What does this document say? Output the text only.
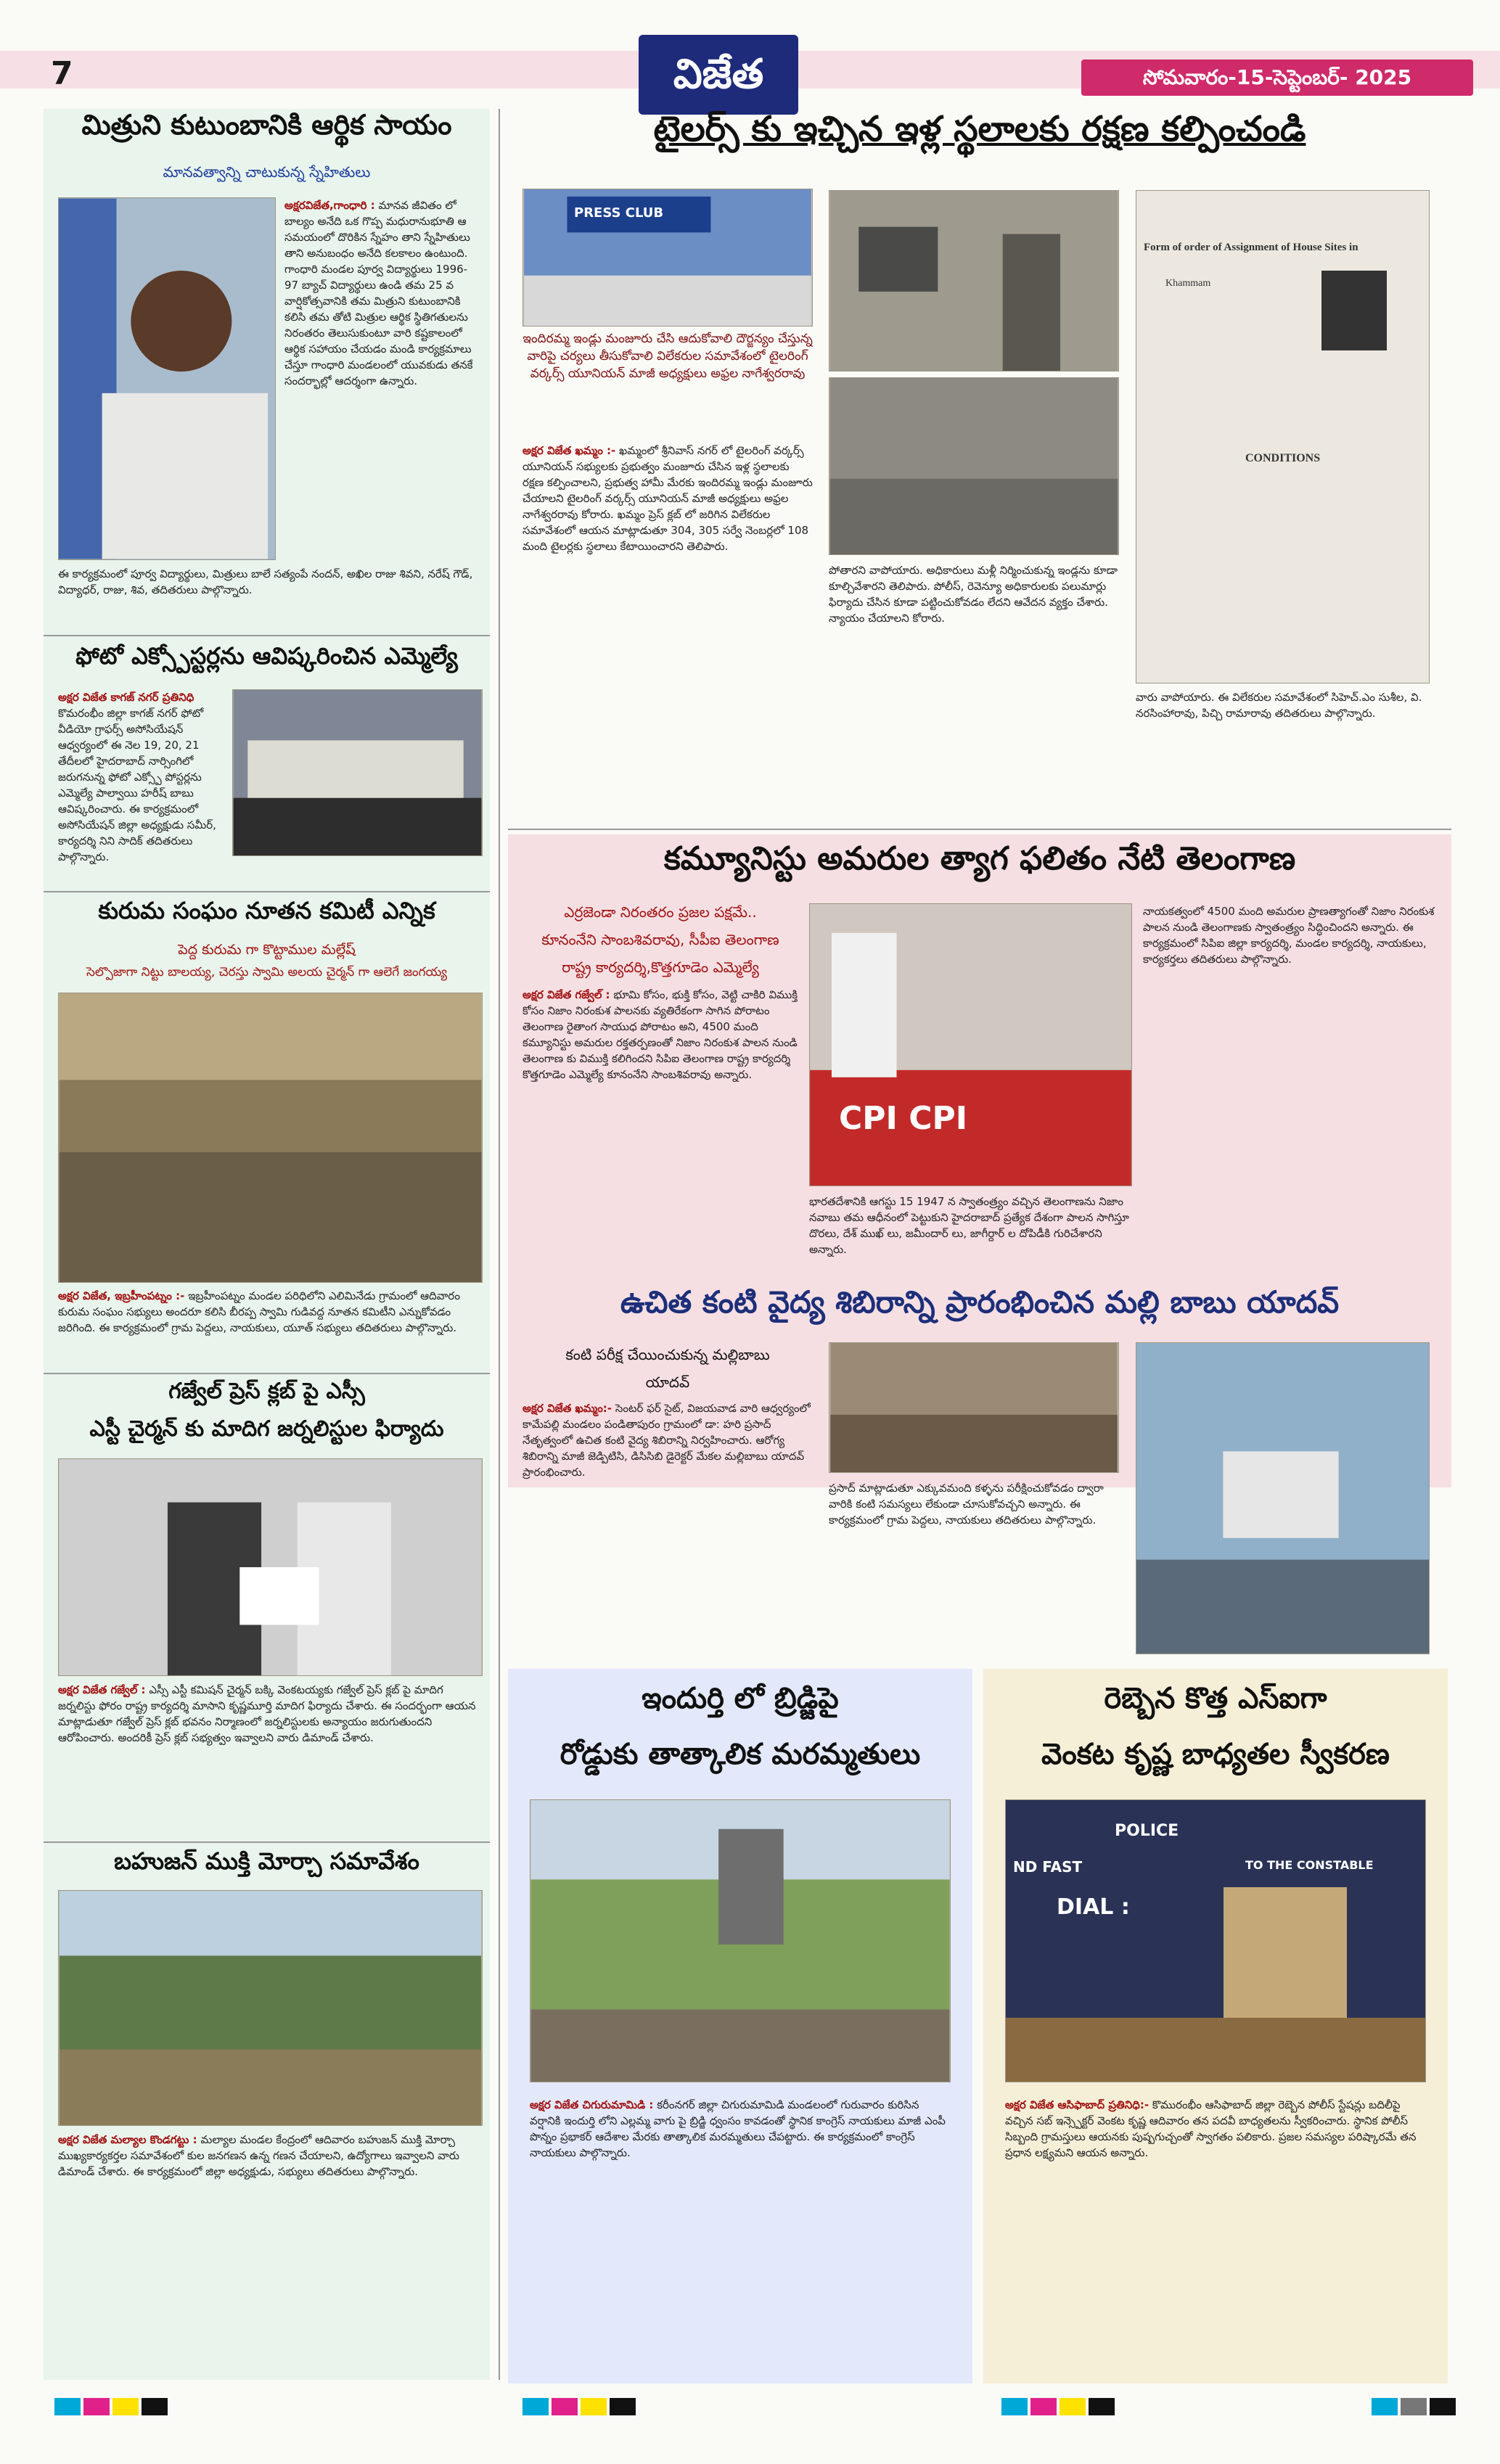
7	విజేత	సోమవారం-15-సెప్టెంబర్- 2025
మిత్రుని కుటుంబానికి ఆర్థిక సాయం
మానవత్వాన్ని చాటుకున్న స్నేహితులు
అక్షరవిజేత,గాంధారి : మానవ జీవితం లో బాల్యం అనేది ఒక గొప్ప మధురానుభూతి ఆ సమయంలో దొరికిన స్నేహం తాని స్నేహితులు తాని అనుబంధం అనేది కలకాలం ఉంటుంది. గాంధారి మండల పూర్వ విద్యార్థులు 1996-97 బ్యాచ్ విద్యార్థులు ఉండి తమ 25 వ వార్షికోత్సవానికి తమ మిత్రుని కుటుంబానికి కలిసి తమ తోటి మిత్రుల ఆర్థిక స్థితిగతులను నిరంతరం తెలుసుకుంటూ వారి కష్టకాలంలో ఆర్థిక సహాయం చేయడం మండి కార్యక్రమాలు చేస్తూ గాంధారి మండలంలో యువకుడు తనకే సందర్భాల్లో ఆదర్శంగా ఉన్నారు.
ఈ కార్యక్రమంలో పూర్వ విద్యార్థులు, మిత్రులు బాలే సత్యంపే నందన్, అఖిల రాజు శివని, నరేష్ గౌడ్, విద్యాధర్, రాజు, శివ, తదితరులు పాల్గొన్నారు.
ఫోటో ఎక్స్పోస్టర్లను ఆవిష్కరించిన ఎమ్మెల్యే
అక్షర విజేత కాగజ్ నగర్ ప్రతినిధి కొమరంభీం జిల్లా కాగజ్ నగర్ ఫోటో వీడియో గ్రాఫర్స్ అసోసియేషన్ ఆధ్వర్యంలో ఈ నెల 19, 20, 21 తేదీలలో హైదరాబాద్ నార్సింగిలో జరుగనున్న ఫోటో ఎక్స్పో పోస్టర్లను ఎమ్మెల్యే పాల్వాయి హరీష్ బాబు ఆవిష్కరించారు. ఈ కార్యక్రమంలో అసోసియేషన్ జిల్లా అధ్యక్షుడు సమీర్, కార్యదర్శి నిని సాదిక్ తదితరులు పాల్గొన్నారు.
కురుమ సంఘం నూతన కమిటీ ఎన్నిక
పెద్ద కురుమ గా కొట్టాముల మల్లేష్
సెల్పొజాగా నిట్టు బాలయ్య, చెరస్తు స్వామి అలయ చైర్మన్ గా ఆలెగే జంగయ్య
అక్షర విజేత, ఇబ్రహీంపట్నం :- ఇబ్రహీంపట్నం మండల పరిధిలోని ఎలిమినేడు గ్రామంలో ఆదివారం కురుమ సంఘం సభ్యులు అందరూ కలిసి బీరప్ప స్వామి గుడివద్ద నూతన కమిటీని ఎన్నుకోవడం జరిగింది. ఈ కార్యక్రమంలో గ్రామ పెద్దలు, నాయకులు, యూత్ సభ్యులు తదితరులు పాల్గొన్నారు.
గజ్వేల్ ప్రెస్ క్లబ్ పై ఎస్సీ
ఎస్టీ చైర్మన్ కు మాదిగ జర్నలిస్టుల ఫిర్యాదు
అక్షర విజేత గజ్వేల్ : ఎస్సీ ఎస్టీ కమిషన్ చైర్మన్ బక్కి వెంకటయ్యకు గజ్వేల్ ప్రెస్ క్లబ్ పై మాదిగ జర్నలిస్టు ఫోరం రాష్ట్ర కార్యదర్శి మాసాని కృష్ణమూర్తి మాదిగ ఫిర్యాదు చేశారు. ఈ సందర్భంగా ఆయన మాట్లాడుతూ గజ్వేల్ ప్రెస్ క్లబ్ భవనం నిర్మాణంలో జర్నలిస్టులకు అన్యాయం జరుగుతుందని ఆరోపించారు. అందరికీ ప్రెస్ క్లబ్ సభ్యత్వం ఇవ్వాలని వారు డిమాండ్ చేశారు.
బహుజన్ ముక్తి మోర్చా సమావేశం
అక్షర విజేత మల్యాల కొండగట్టు : మల్యాల మండల కేంద్రంలో ఆదివారం బహుజన్ ముక్తి మోర్చా ముఖ్యకార్యకర్తల సమావేశంలో కుల జనగణన ఉన్న గణన చేయాలని, ఉద్యోగాలు ఇవ్వాలని వారు డిమాండ్ చేశారు. ఈ కార్యక్రమంలో జిల్లా అధ్యక్షుడు, సభ్యులు తదితరులు పాల్గొన్నారు.
టైలర్స్ కు ఇచ్చిన ఇళ్ల స్థలాలకు రక్షణ కల్పించండి
PRESS CLUB
ఇందిరమ్మ ఇండ్లు మంజూరు చేసి ఆదుకోవాలి దౌర్జన్యం చేస్తున్న వారిపై చర్యలు తీసుకోవాలి విలేకరుల సమావేశంలో టైలరింగ్ వర్కర్స్ యూనియన్ మాజీ అధ్యక్షులు అఫ్రల నాగేశ్వరరావు
అక్షర విజేత ఖమ్మం :- ఖమ్మంలో శ్రీనివాస్ నగర్ లో టైలరింగ్ వర్కర్స్ యూనియన్ సభ్యులకు ప్రభుత్వం మంజూరు చేసిన ఇళ్ల స్థలాలకు రక్షణ కల్పించాలని, ప్రభుత్వ హామీ మేరకు ఇందిరమ్మ ఇండ్లు మంజూరు చేయాలని టైలరింగ్ వర్కర్స్ యూనియన్ మాజీ అధ్యక్షులు అఫ్రల నాగేశ్వరరావు కోరారు. ఖమ్మం ప్రెస్ క్లబ్ లో జరిగిన విలేకరుల సమావేశంలో ఆయన మాట్లాడుతూ 304, 305 సర్వే నెంబర్లలో 108 మంది టైలర్లకు స్థలాలు కేటాయించారని తెలిపారు.
పోతారని వాపోయారు. అధికారులు మళ్లీ నిర్మించుకున్న ఇండ్లను కూడా కూల్చివేశారని తెలిపారు. పోలీస్, రెవెన్యూ అధికారులకు పలుమార్లు ఫిర్యాదు చేసిన కూడా పట్టించుకోవడం లేదని ఆవేదన వ్యక్తం చేశారు. న్యాయం చేయాలని కోరారు.
Form of order of Assignment of House Sites in
Khammam
CONDITIONS
వారు వాపోయారు. ఈ విలేకరుల సమావేశంలో సిహెచ్.ఎం సుశీల, వి. నరసింహారావు, పిచ్చి రామారావు తదితరులు పాల్గొన్నారు.
కమ్యూనిస్టు అమరుల త్యాగ ఫలితం నేటి తెలంగాణ
ఎర్రజెండా నిరంతరం ప్రజల పక్షమే..
కూనంనేని సాంబశివరావు, సీపీఐ తెలంగాణ
రాష్ట్ర కార్యదర్శి,కొత్తగూడెం ఎమ్మెల్యే
అక్షర విజేత గజ్వేల్ : భూమి కోసం, భుక్తి కోసం, వెట్టి చాకిరి విముక్తి కోసం నిజాం నిరంకుశ పాలనకు వ్యతిరేకంగా సాగిన పోరాటం తెలంగాణ రైతాంగ సాయుధ పోరాటం అని, 4500 మంది కమ్యూనిస్టు అమరుల రక్తతర్పణంతో నిజాం నిరంకుశ పాలన నుండి తెలంగాణ కు విముక్తి కలిగిందని సిపిఐ తెలంగాణ రాష్ట్ర కార్యదర్శి కొత్తగూడెం ఎమ్మెల్యే కూనంనేని సాంబశివరావు అన్నారు.
CPI CPI
భారతదేశానికి ఆగస్టు 15 1947 న స్వాతంత్ర్యం వచ్చిన తెలంగాణను నిజాం నవాబు తమ ఆధీనంలో పెట్టుకుని హైదరాబాద్ ప్రత్యేక దేశంగా పాలన సాగిస్తూ దొరలు, దేశ్ ముఖ్ లు, జమీందార్ లు, జాగీర్దార్ ల దోపిడీకి గురిచేశారని అన్నారు.
నాయకత్వంలో 4500 మంది అమరుల ప్రాణత్యాగంతో నిజాం నిరంకుశ పాలన నుండి తెలంగాణకు స్వాతంత్ర్యం సిద్ధించిందని అన్నారు. ఈ కార్యక్రమంలో సిపిఐ జిల్లా కార్యదర్శి, మండల కార్యదర్శి, నాయకులు, కార్యకర్తలు తదితరులు పాల్గొన్నారు.
ఉచిత కంటి వైద్య శిబిరాన్ని ప్రారంభించిన మల్లి బాబు యాదవ్
కంటి పరీక్ష చేయించుకున్న మల్లిబాబు
యాదవ్
అక్షర విజేత ఖమ్మం:- సెంటర్ ఫర్ సైట్, విజయవాడ వారి ఆధ్వర్యంలో కామేపల్లి మండలం పండితాపురం గ్రామంలో డా: హరి ప్రసాద్ నేతృత్వంలో ఉచిత కంటి వైద్య శిబిరాన్ని నిర్వహించారు. ఆరోగ్య శిబిరాన్ని మాజీ జెడ్పిటిసి, డిసిసిబి డైరెక్టర్ మేకల మల్లిబాబు యాదవ్ ప్రారంభించారు.
ప్రసాద్ మాట్లాడుతూ ఎక్కువమంది కళ్ళను పరీక్షించుకోవడం ద్వారా వారికి కంటి సమస్యలు లేకుండా చూసుకోవచ్చని అన్నారు. ఈ కార్యక్రమంలో గ్రామ పెద్దలు, నాయకులు తదితరులు పాల్గొన్నారు.
ఇందుర్తి లో బ్రిడ్జిపై
రోడ్డుకు తాత్కాలిక మరమ్మతులు
అక్షర విజేత చిగురుమామిడి : కరీంనగర్ జిల్లా చిగురుమామిడి మండలంలో గురువారం కురిసిన వర్షానికి ఇందుర్తి లోని ఎల్లమ్మ వాగు పై బ్రిడ్జి ధ్వంసం కావడంతో స్థానిక కాంగ్రెస్ నాయకులు మాజీ ఎంపీ పొన్నం ప్రభాకర్ ఆదేశాల మేరకు తాత్కాలిక మరమ్మతులు చేపట్టారు. ఈ కార్యక్రమంలో కాంగ్రెస్ నాయకులు పాల్గొన్నారు.
రెబ్బెన కొత్త ఎస్ఐగా
వెంకట కృష్ణ బాధ్యతల స్వీకరణ
POLICE
ND FAST	TO THE CONSTABLE
DIAL :
అక్షర విజేత ఆసిఫాబాద్ ప్రతినిధి:- కొమురంభీం ఆసిఫాబాద్ జిల్లా రెబ్బెన పోలీస్ స్టేషన్లు బదిలీపై వచ్చిన సబ్ ఇన్స్పెక్టర్ వెంకట కృష్ణ ఆదివారం తన పదవీ బాధ్యతలను స్వీకరించారు. స్థానిక పోలీస్ సిబ్బంది గ్రామస్తులు ఆయనకు పుష్పగుచ్చంతో స్వాగతం పలికారు. ప్రజల సమస్యల పరిష్కారమే తన ప్రధాన లక్ష్యమని ఆయన అన్నారు.
